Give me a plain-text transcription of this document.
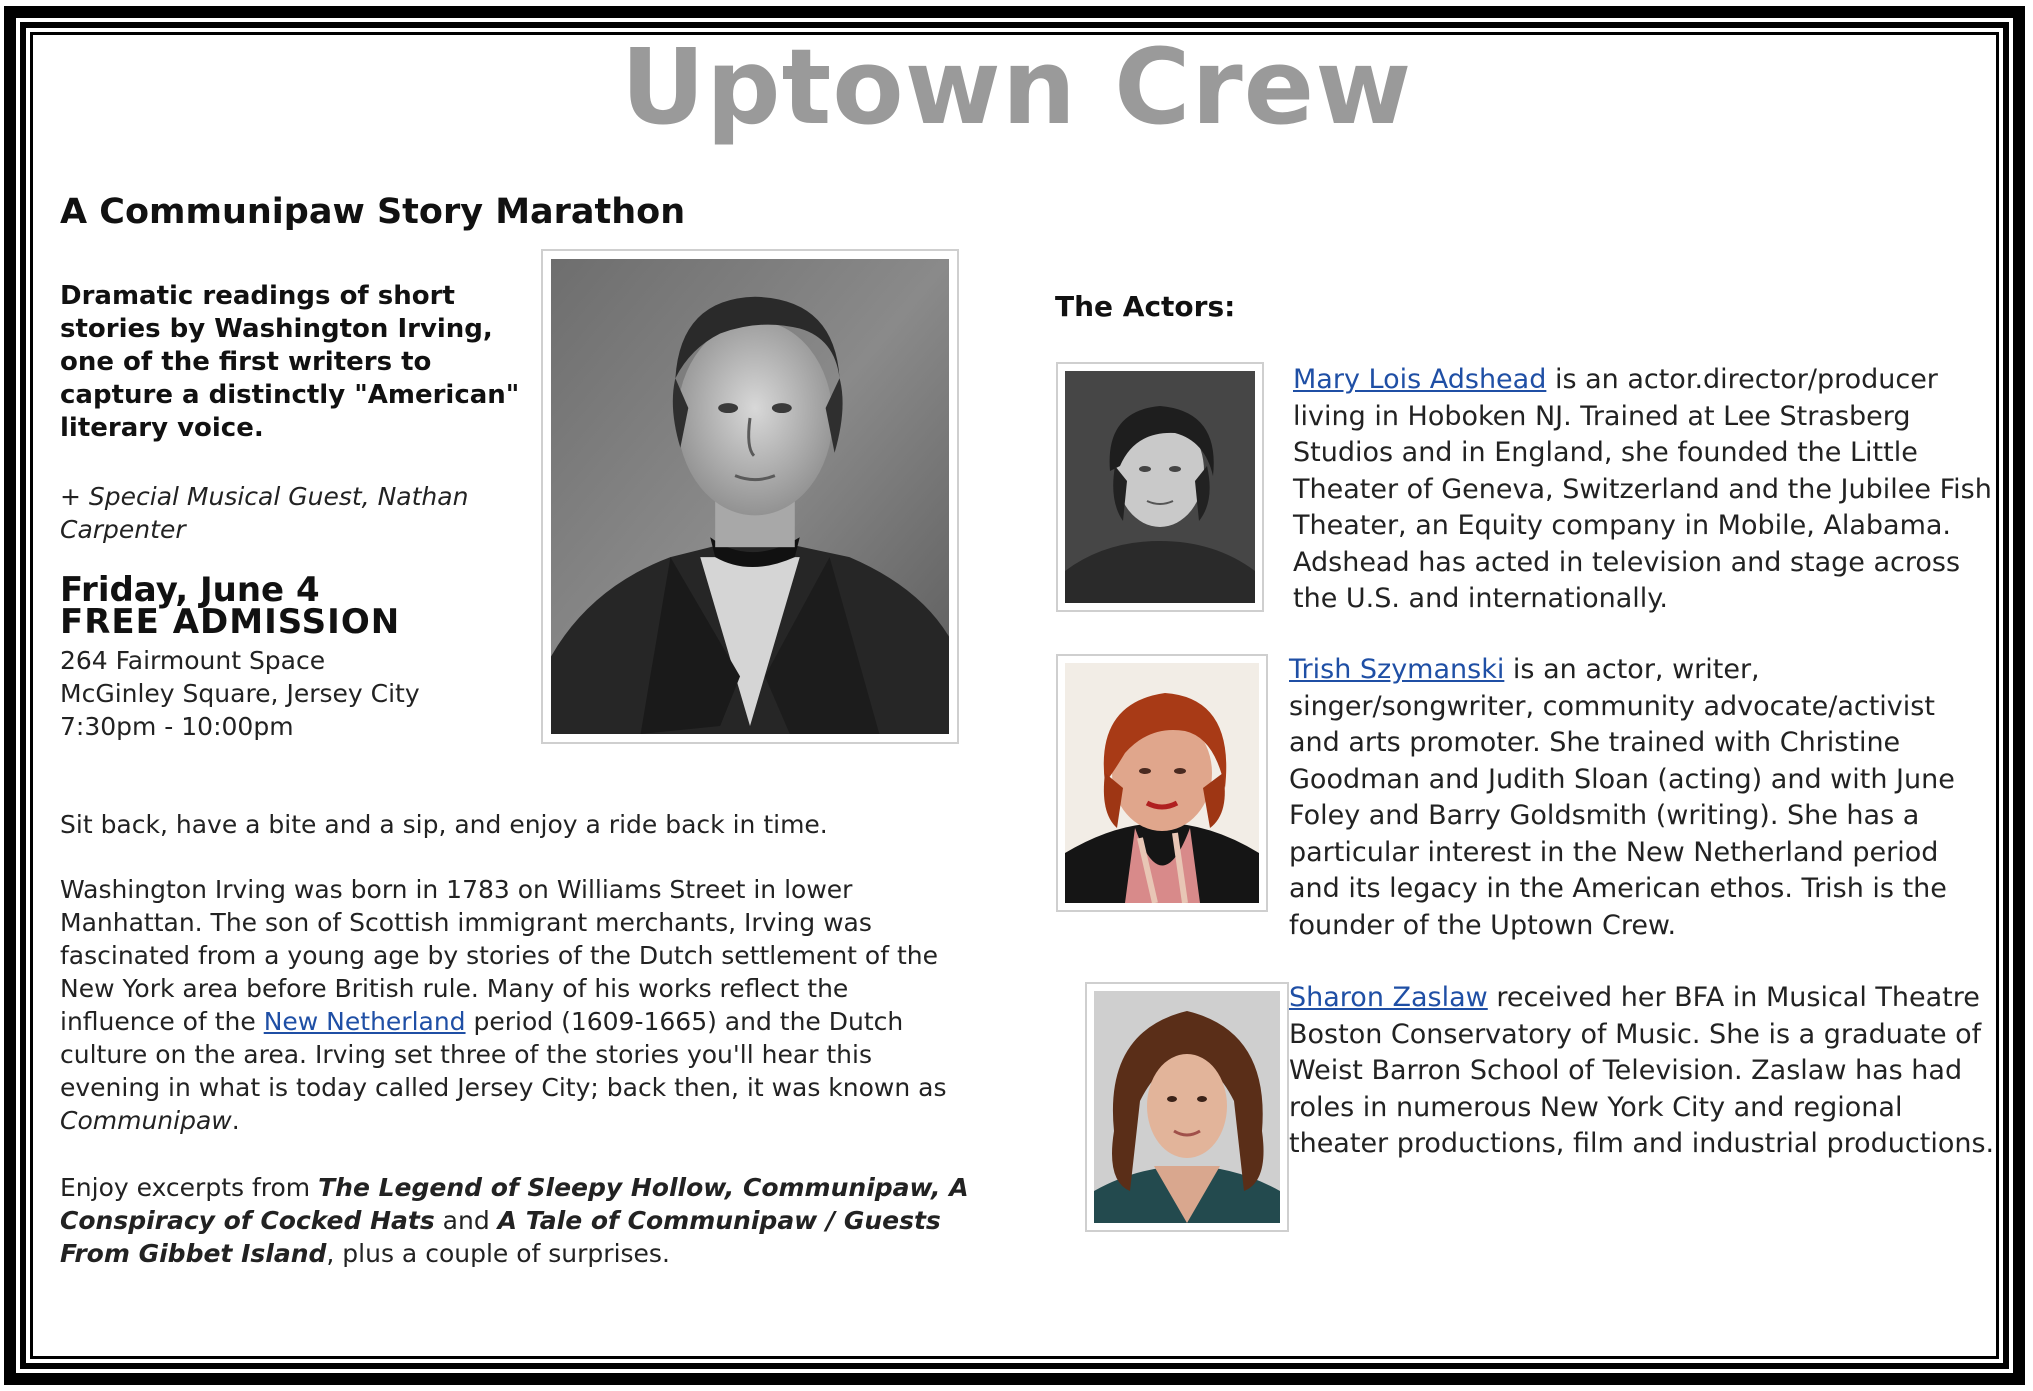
Uptown Crew
A Communipaw Story Marathon
Dramatic readings of short stories by Washington Irving, one of the first writers to capture a distinctly "American" literary voice.
+ Special Musical Guest, Nathan Carpenter
Friday, June 4
FREE ADMISSION
264 Fairmount Space
McGinley Square, Jersey City
7:30pm - 10:00pm
Sit back, have a bite and a sip, and enjoy a ride back in time.
Washington Irving was born in 1783 on Williams Street in lower Manhattan. The son of Scottish immigrant merchants, Irving was fascinated from a young age by stories of the Dutch settlement of the New York area before British rule. Many of his works reflect the influence of the New Netherland period (1609-1665) and the Dutch culture on the area. Irving set three of the stories you'll hear this evening in what is today called Jersey City; back then, it was known as Communipaw.
Enjoy excerpts from The Legend of Sleepy Hollow, Communipaw, A Conspiracy of Cocked Hats and A Tale of Communipaw / Guests From Gibbet Island, plus a couple of surprises.
The Actors:
Mary Lois Adshead is an actor.director/producer living in Hoboken NJ. Trained at Lee Strasberg Studios and in England, she founded the Little Theater of Geneva, Switzerland and the Jubilee Fish Theater, an Equity company in Mobile, Alabama. Adshead has acted in television and stage across the U.S. and internationally.
Trish Szymanski is an actor, writer, singer/songwriter, community advocate/activist and arts promoter. She trained with Christine Goodman and Judith Sloan (acting) and with June Foley and Barry Goldsmith (writing). She has a particular interest in the New Netherland period and its legacy in the American ethos. Trish is the founder of the Uptown Crew.
Sharon Zaslaw received her BFA in Musical Theatre Boston Conservatory of Music. She is a graduate of Weist Barron School of Television. Zaslaw has had roles in numerous New York City and regional theater productions, film and industrial productions.
